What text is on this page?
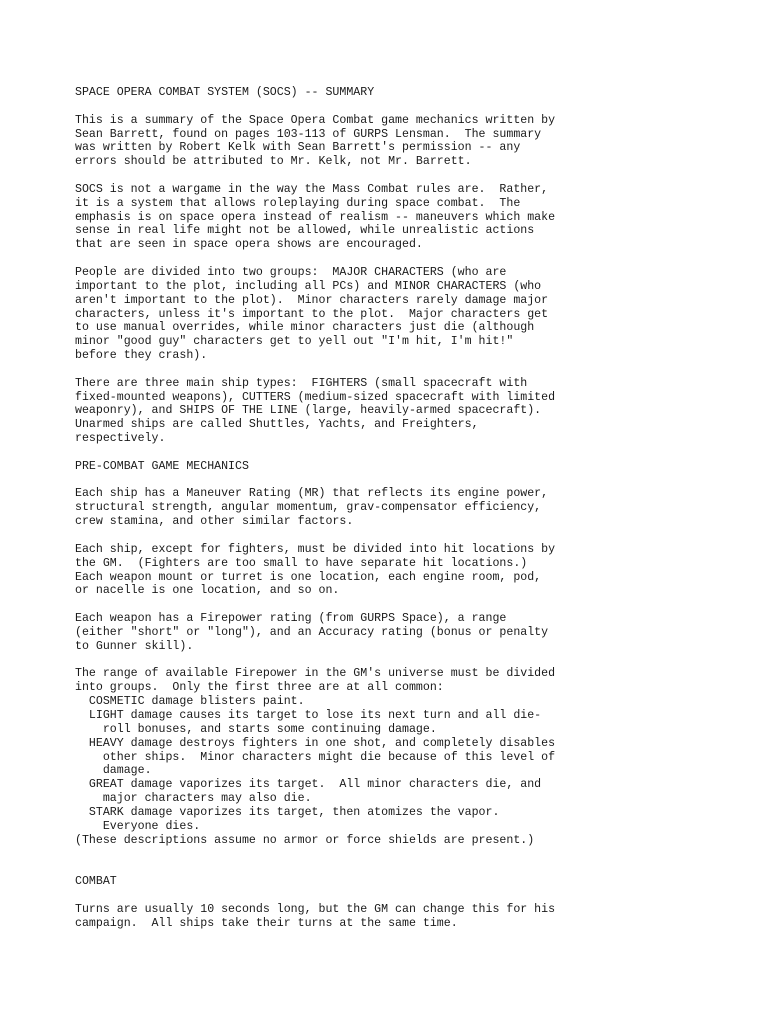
SPACE OPERA COMBAT SYSTEM (SOCS) -- SUMMARY
This is a summary of the Space Opera Combat game mechanics written by
Sean Barrett, found on pages 103-113 of GURPS Lensman.  The summary
was written by Robert Kelk with Sean Barrett's permission -- any
errors should be attributed to Mr. Kelk, not Mr. Barrett.
SOCS is not a wargame in the way the Mass Combat rules are.  Rather,
it is a system that allows roleplaying during space combat.  The
emphasis is on space opera instead of realism -- maneuvers which make
sense in real life might not be allowed, while unrealistic actions
that are seen in space opera shows are encouraged.
People are divided into two groups:  MAJOR CHARACTERS (who are
important to the plot, including all PCs) and MINOR CHARACTERS (who
aren't important to the plot).  Minor characters rarely damage major
characters, unless it's important to the plot.  Major characters get
to use manual overrides, while minor characters just die (although
minor "good guy" characters get to yell out "I'm hit, I'm hit!"
before they crash).
There are three main ship types:  FIGHTERS (small spacecraft with
fixed-mounted weapons), CUTTERS (medium-sized spacecraft with limited
weaponry), and SHIPS OF THE LINE (large, heavily-armed spacecraft).
Unarmed ships are called Shuttles, Yachts, and Freighters,
respectively.
PRE-COMBAT GAME MECHANICS
Each ship has a Maneuver Rating (MR) that reflects its engine power,
structural strength, angular momentum, grav-compensator efficiency,
crew stamina, and other similar factors.
Each ship, except for fighters, must be divided into hit locations by
the GM.  (Fighters are too small to have separate hit locations.)
Each weapon mount or turret is one location, each engine room, pod,
or nacelle is one location, and so on.
Each weapon has a Firepower rating (from GURPS Space), a range
(either "short" or "long"), and an Accuracy rating (bonus or penalty
to Gunner skill).
The range of available Firepower in the GM's universe must be divided
into groups.  Only the first three are at all common:
COSMETIC damage blisters paint.
LIGHT damage causes its target to lose its next turn and all die-
roll bonuses, and starts some continuing damage.
HEAVY damage destroys fighters in one shot, and completely disables
other ships.  Minor characters might die because of this level of
damage.
GREAT damage vaporizes its target.  All minor characters die, and
major characters may also die.
STARK damage vaporizes its target, then atomizes the vapor.
Everyone dies.
(These descriptions assume no armor or force shields are present.)
COMBAT
Turns are usually 10 seconds long, but the GM can change this for his
campaign.  All ships take their turns at the same time.
